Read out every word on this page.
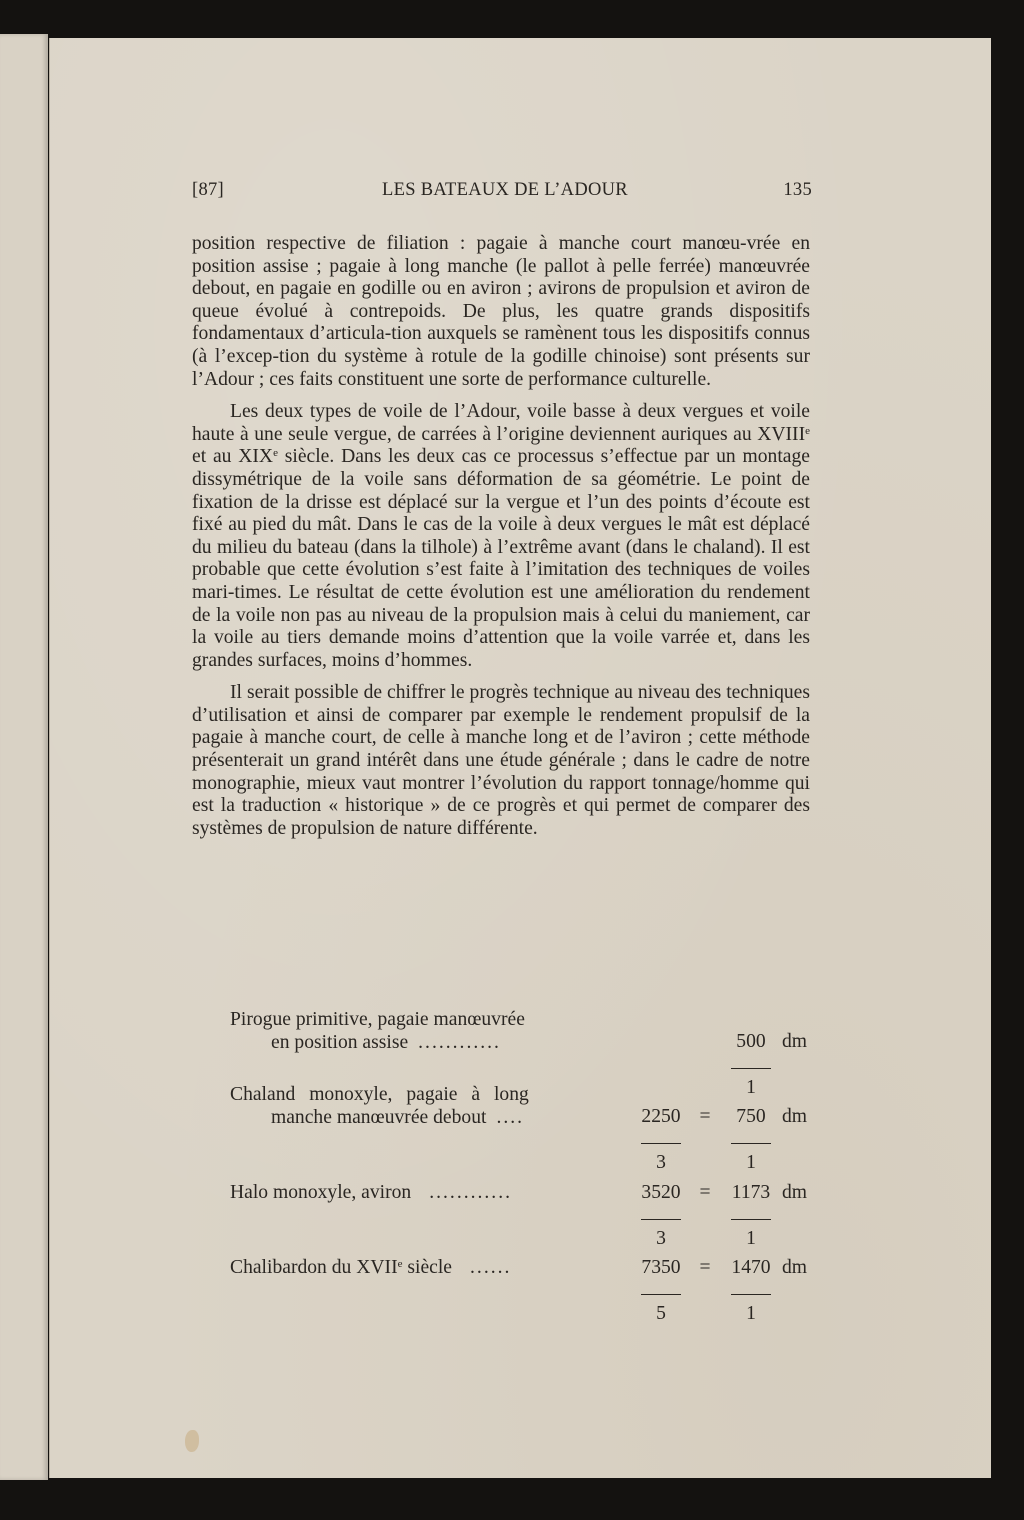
[87]	LES BATEAUX DE L’ADOUR	135

position respective de filiation : pagaie à manche court manœu-vrée en position assise ; pagaie à long manche (le pallot à pelle ferrée) manœuvrée debout, en pagaie en godille ou en aviron ; avirons de propulsion et aviron de queue évolué à contrepoids. De plus, les quatre grands dispositifs fondamentaux d’articula-tion auxquels se ramènent tous les dispositifs connus (à l’excep-tion du système à rotule de la godille chinoise) sont présents sur l’Adour ; ces faits constituent une sorte de performance culturelle.

Les deux types de voile de l’Adour, voile basse à deux vergues et voile haute à une seule vergue, de carrées à l’origine deviennent auriques au XVIIIe et au XIXe siècle. Dans les deux cas ce processus s’effectue par un montage dissymétrique de la voile sans déformation de sa géométrie. Le point de fixation de la drisse est déplacé sur la vergue et l’un des points d’écoute est fixé au pied du mât. Dans le cas de la voile à deux vergues le mât est déplacé du milieu du bateau (dans la tilhole) à l’extrême avant (dans le chaland). Il est probable que cette évolution s’est faite à l’imitation des techniques de voiles mari-times. Le résultat de cette évolution est une amélioration du rendement de la voile non pas au niveau de la propulsion mais à celui du maniement, car la voile au tiers demande moins d’attention que la voile varrée et, dans les grandes surfaces, moins d’hommes.

Il serait possible de chiffrer le progrès technique au niveau des techniques d’utilisation et ainsi de comparer par exemple le rendement propulsif de la pagaie à manche court, de celle à manche long et de l’aviron ; cette méthode présenterait un grand intérêt dans une étude générale ; dans le cadre de notre monographie, mieux vaut montrer l’évolution du rapport tonnage/homme qui est la traduction « historique » de ce progrès et qui permet de comparer des systèmes de propulsion de nature différente.

Pirogue primitive, pagaie manœuvrée
en position assise ............	500 dm
1
Chaland monoxyle, pagaie à long
manche manœuvrée debout ....	2250 =	750 dm
3	1
Halo monoxyle, aviron ............	3520 = 1173 dm
3	1
Chalibardon du XVIIe siècle ......	7350 = 1470 dm
5	1
